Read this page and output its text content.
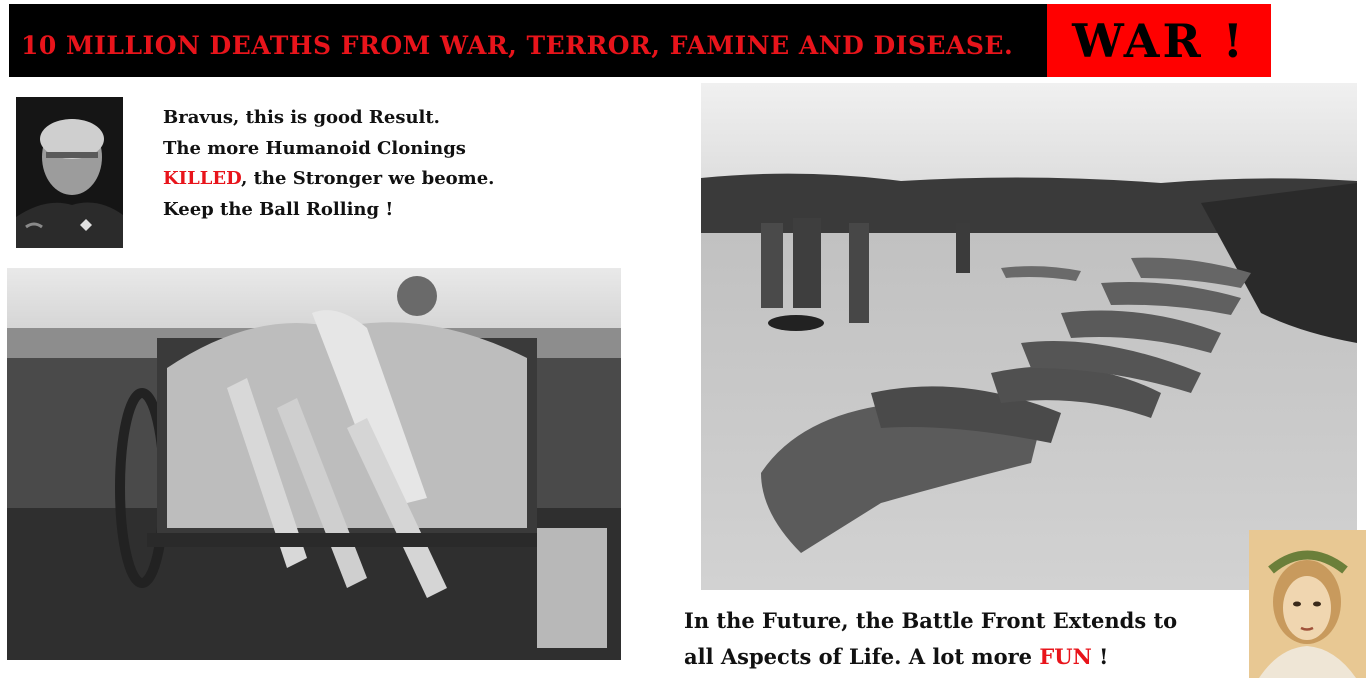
10 MILLION DEATHS FROM WAR, TERROR, FAMINE AND DISEASE. WAR !
Bravus, this is good Result.
The more Humanoid Clonings
KILLED, the Stronger we beome.
Keep the Ball Rolling !
In the Future, the Battle Front Extends to
all Aspects of Life. A lot more FUN !
